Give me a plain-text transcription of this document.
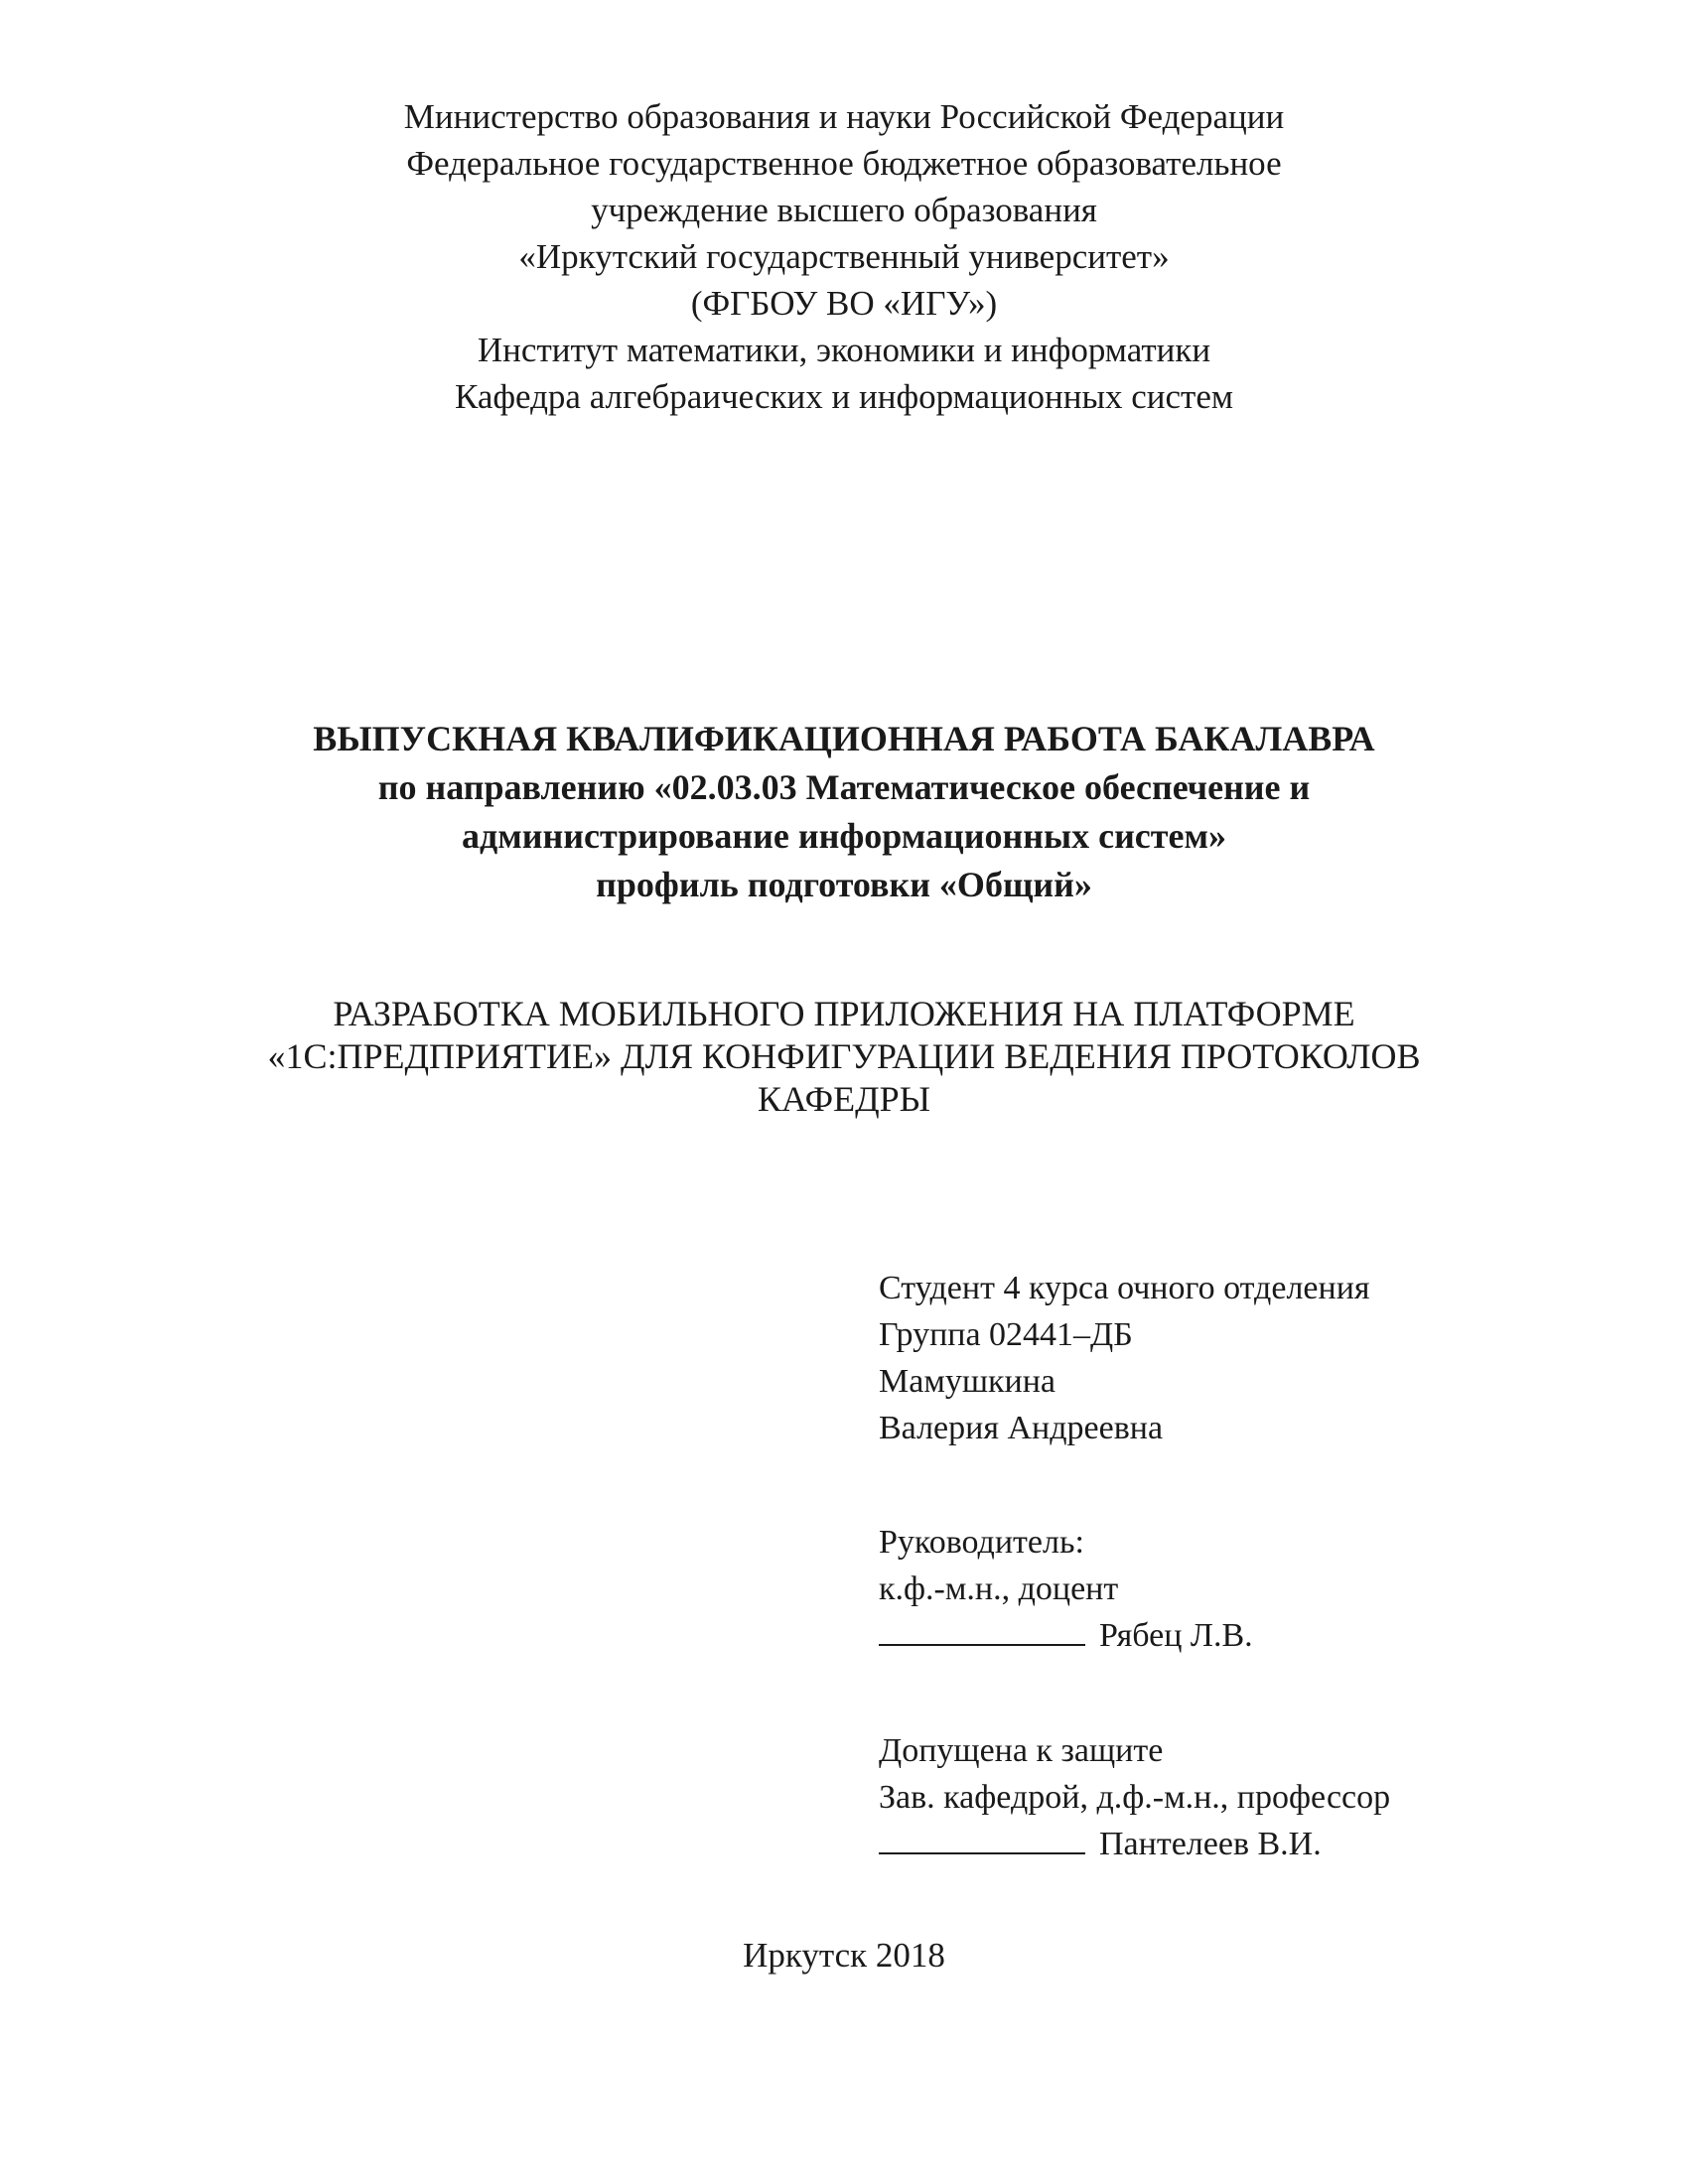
Министерство образования и науки Российской Федерации
Федеральное государственное бюджетное образовательное
учреждение высшего образования
«Иркутский государственный университет»
(ФГБОУ ВО «ИГУ»)
Институт математики, экономики и информатики
Кафедра алгебраических и информационных систем
ВЫПУСКНАЯ КВАЛИФИКАЦИОННАЯ РАБОТА БАКАЛАВРА
по направлению «02.03.03 Математическое обеспечение и
администрирование информационных систем»
профиль подготовки «Общий»
РАЗРАБОТКА МОБИЛЬНОГО ПРИЛОЖЕНИЯ НА ПЛАТФОРМЕ
«1С:ПРЕДПРИЯТИЕ» ДЛЯ КОНФИГУРАЦИИ ВЕДЕНИЯ ПРОТОКОЛОВ
КАФЕДРЫ
Студент 4 курса очного отделения
Группа 02441–ДБ
Мамушкина
Валерия Андреевна
Руководитель:
к.ф.-м.н., доцент
Рябец Л.В.
Допущена к защите
Зав. кафедрой, д.ф.-м.н., профессор
Пантелеев В.И.
Иркутск 2018
